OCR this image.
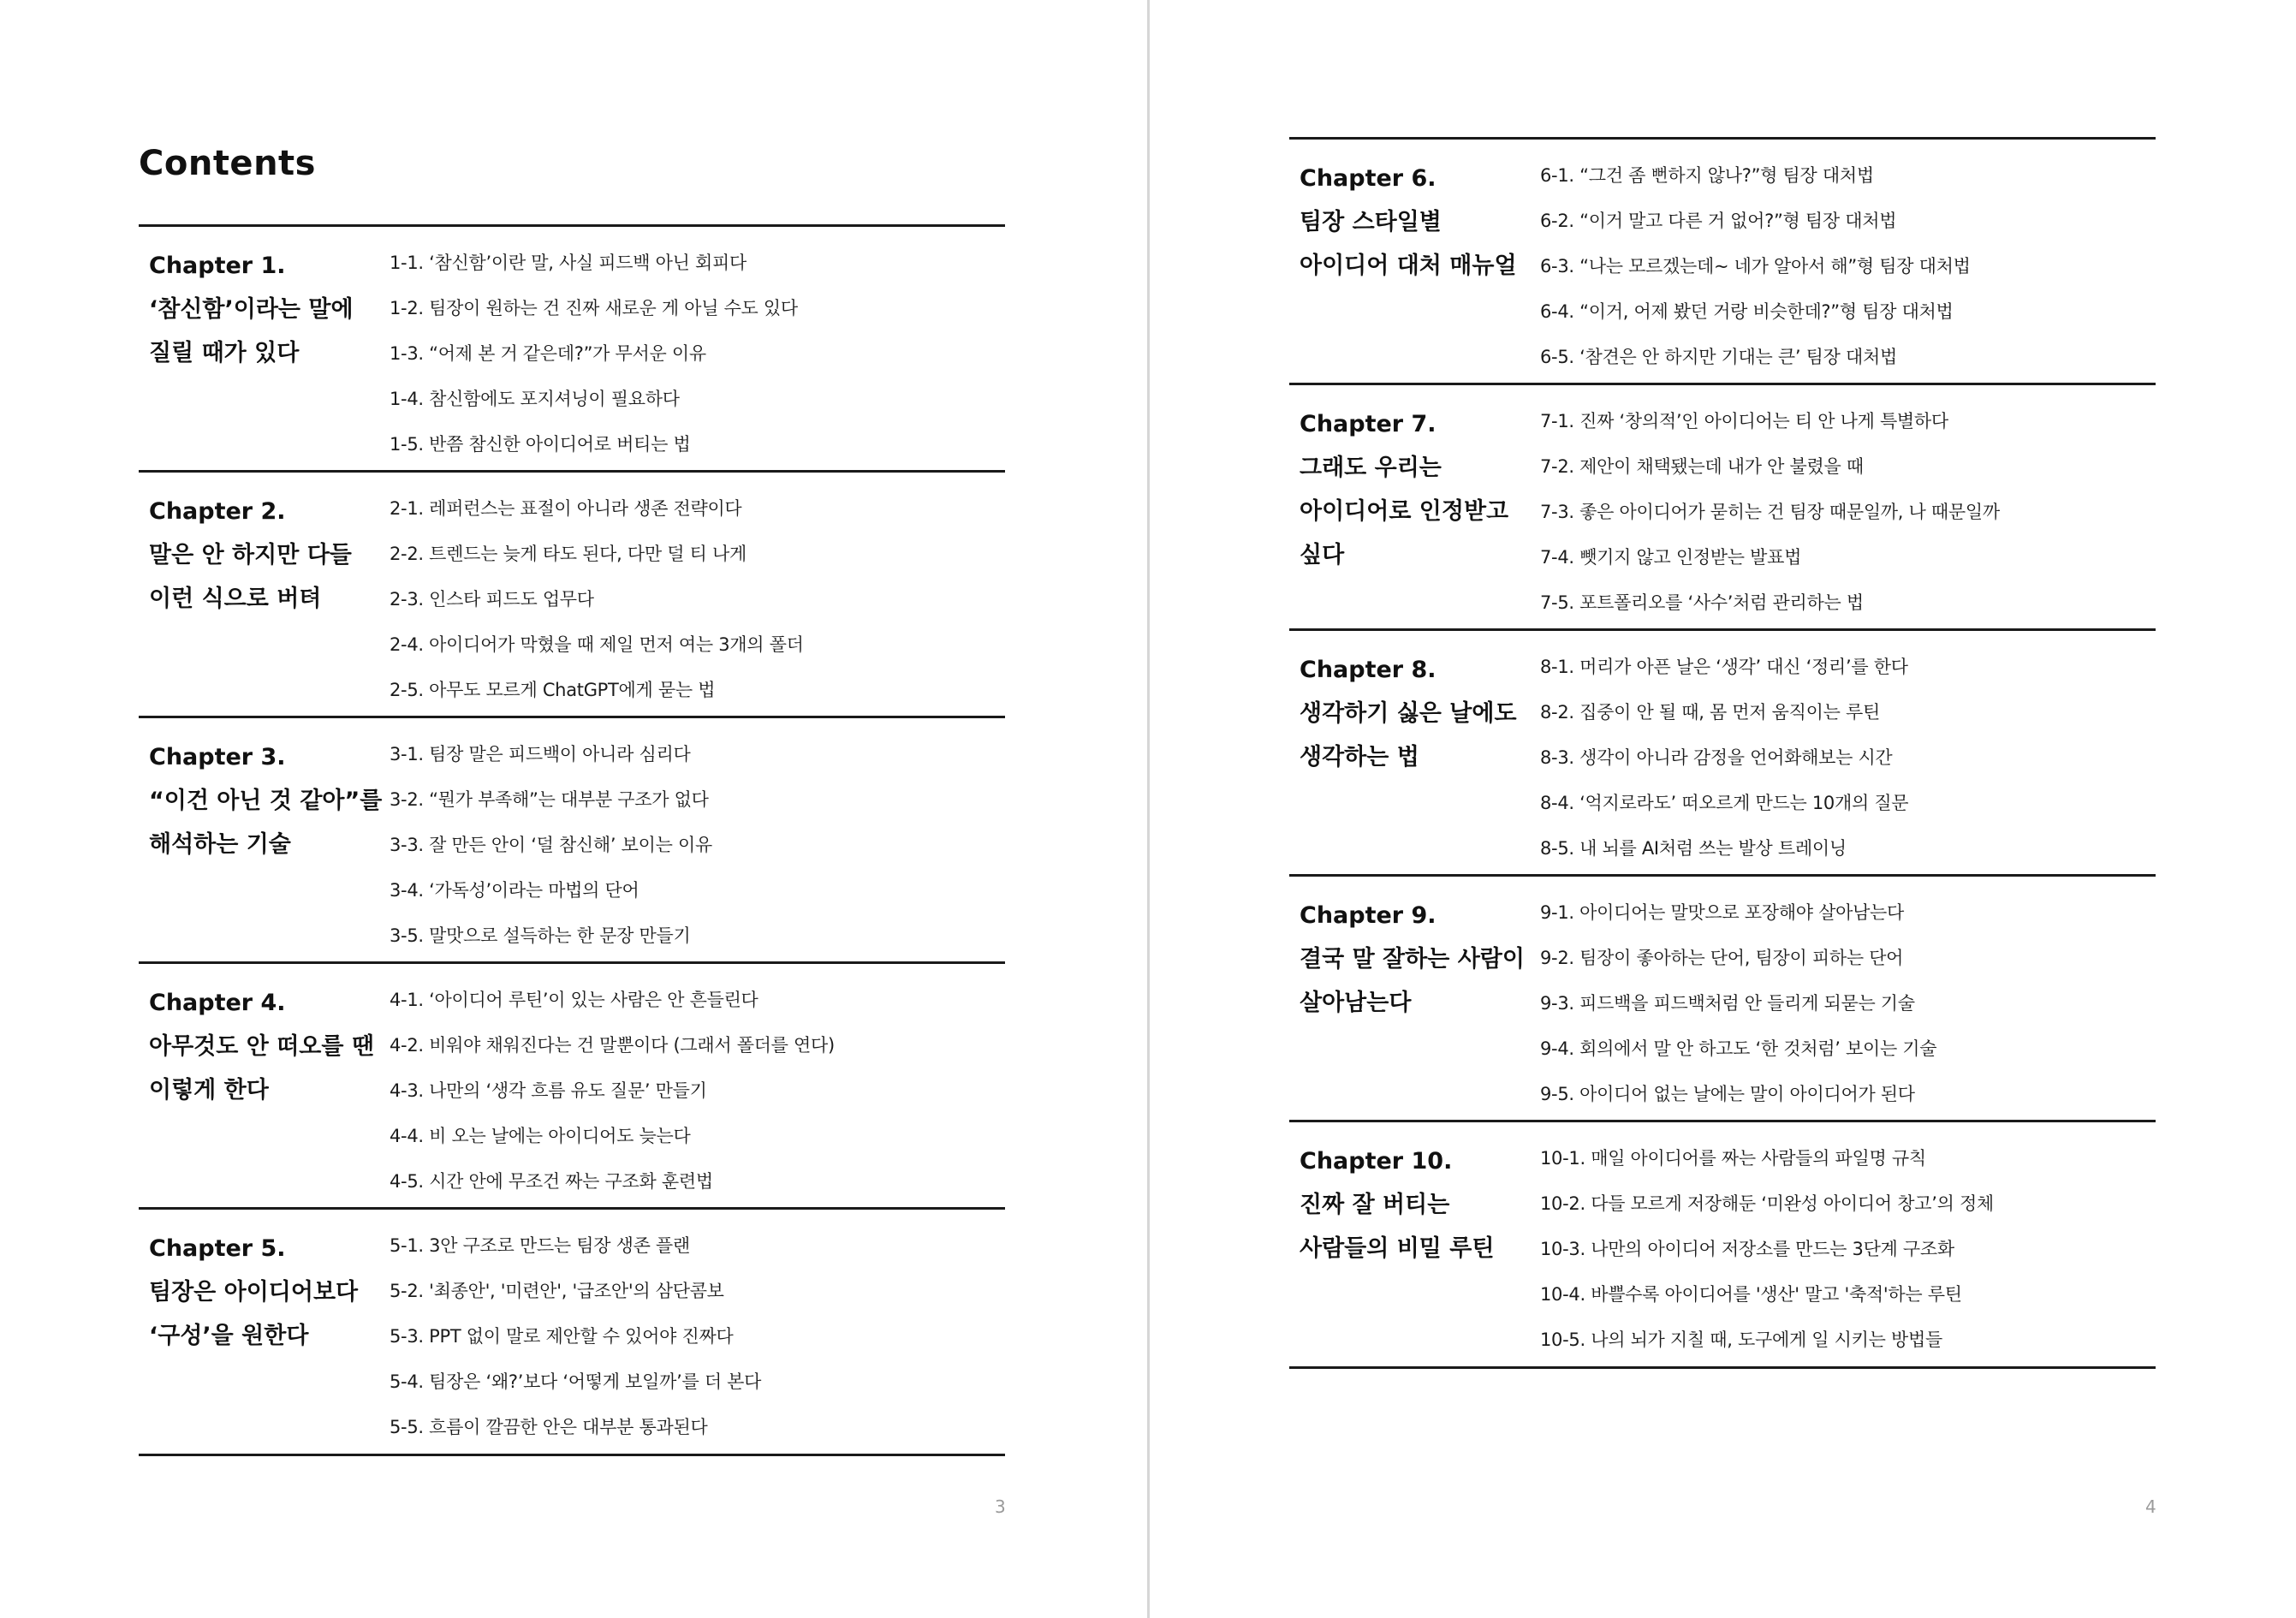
Contents
Chapter 1.
‘참신함’이라는 말에
질릴 때가 있다
1-1. ‘참신함’이란 말, 사실 피드백 아닌 회피다
1-2. 팀장이 원하는 건 진짜 새로운 게 아닐 수도 있다
1-3. “어제 본 거 같은데?”가 무서운 이유
1-4. 참신함에도 포지셔닝이 필요하다
1-5. 반쯤 참신한 아이디어로 버티는 법
Chapter 2.
말은 안 하지만 다들
이런 식으로 버텨
2-1. 레퍼런스는 표절이 아니라 생존 전략이다
2-2. 트렌드는 늦게 타도 된다, 다만 덜 티 나게
2-3. 인스타 피드도 업무다
2-4. 아이디어가 막혔을 때 제일 먼저 여는 3개의 폴더
2-5. 아무도 모르게 ChatGPT에게 묻는 법
Chapter 3.
“이건 아닌 것 같아”를
해석하는 기술
3-1. 팀장 말은 피드백이 아니라 심리다
3-2. “뭔가 부족해”는 대부분 구조가 없다
3-3. 잘 만든 안이 ‘덜 참신해’ 보이는 이유
3-4. ‘가독성’이라는 마법의 단어
3-5. 말맛으로 설득하는 한 문장 만들기
Chapter 4.
아무것도 안 떠오를 땐
이렇게 한다
4-1. ‘아이디어 루틴’이 있는 사람은 안 흔들린다
4-2. 비워야 채워진다는 건 말뿐이다 (그래서 폴더를 연다)
4-3. 나만의 ‘생각 흐름 유도 질문’ 만들기
4-4. 비 오는 날에는 아이디어도 늦는다
4-5. 시간 안에 무조건 짜는 구조화 훈련법
Chapter 5.
팀장은 아이디어보다
‘구성’을 원한다
5-1. 3안 구조로 만드는 팀장 생존 플랜
5-2. '최종안', '미련안', '급조안'의 삼단콤보
5-3. PPT 없이 말로 제안할 수 있어야 진짜다
5-4. 팀장은 ‘왜?’보다 ‘어떻게 보일까’를 더 본다
5-5. 흐름이 깔끔한 안은 대부분 통과된다
3
Chapter 6.
팀장 스타일별
아이디어 대처 매뉴얼
6-1. “그건 좀 뻔하지 않나?”형 팀장 대처법
6-2. “이거 말고 다른 거 없어?”형 팀장 대처법
6-3. “나는 모르겠는데~ 네가 알아서 해”형 팀장 대처법
6-4. “이거, 어제 봤던 거랑 비슷한데?”형 팀장 대처법
6-5. ‘참견은 안 하지만 기대는 큰’ 팀장 대처법
Chapter 7.
그래도 우리는
아이디어로 인정받고
싶다
7-1. 진짜 ‘창의적’인 아이디어는 티 안 나게 특별하다
7-2. 제안이 채택됐는데 내가 안 불렸을 때
7-3. 좋은 아이디어가 묻히는 건 팀장 때문일까, 나 때문일까
7-4. 뺏기지 않고 인정받는 발표법
7-5. 포트폴리오를 ‘사수’처럼 관리하는 법
Chapter 8.
생각하기 싫은 날에도
생각하는 법
8-1. 머리가 아픈 날은 ‘생각’ 대신 ‘정리’를 한다
8-2. 집중이 안 될 때, 몸 먼저 움직이는 루틴
8-3. 생각이 아니라 감정을 언어화해보는 시간
8-4. ‘억지로라도’ 떠오르게 만드는 10개의 질문
8-5. 내 뇌를 AI처럼 쓰는 발상 트레이닝
Chapter 9.
결국 말 잘하는 사람이
살아남는다
9-1. 아이디어는 말맛으로 포장해야 살아남는다
9-2. 팀장이 좋아하는 단어, 팀장이 피하는 단어
9-3. 피드백을 피드백처럼 안 들리게 되묻는 기술
9-4. 회의에서 말 안 하고도 ‘한 것처럼’ 보이는 기술
9-5. 아이디어 없는 날에는 말이 아이디어가 된다
Chapter 10.
진짜 잘 버티는
사람들의 비밀 루틴
10-1. 매일 아이디어를 짜는 사람들의 파일명 규칙
10-2. 다들 모르게 저장해둔 ‘미완성 아이디어 창고’의 정체
10-3. 나만의 아이디어 저장소를 만드는 3단계 구조화
10-4. 바쁠수록 아이디어를 '생산' 말고 '축적'하는 루틴
10-5. 나의 뇌가 지칠 때, 도구에게 일 시키는 방법들
4
